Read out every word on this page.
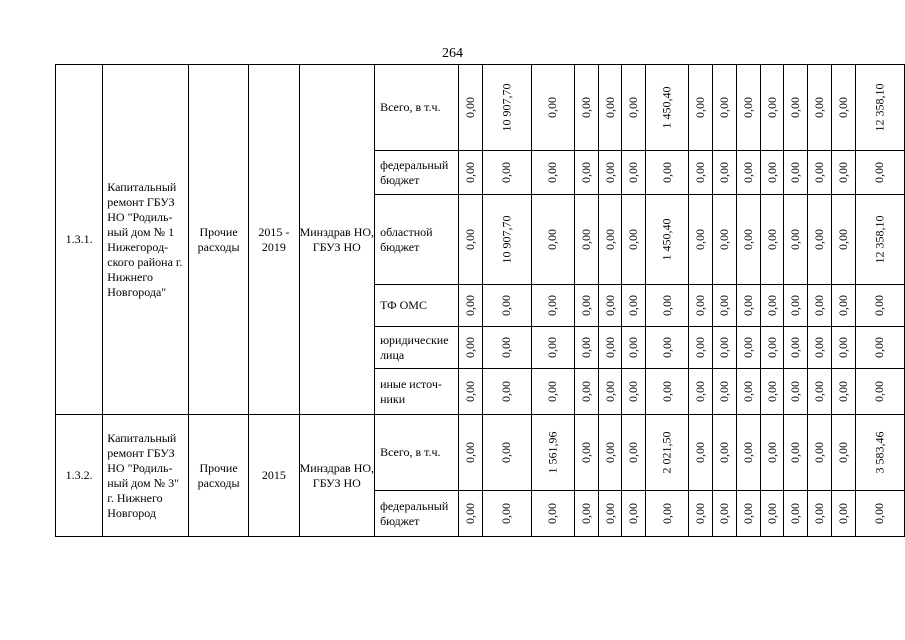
264
1.3.1.	Капитальный ремонт ГБУЗ НО "Родиль-ный дом № 1 Нижегород-ского района г. Нижнего Новгорода"	Прочие расходы	2015 - 2019	Минздрав НО, ГБУЗ НО	Всего, в т.ч.	0,00	10 907,70	0,00	0,00	0,00	0,00	1 450,40	0,00	0,00	0,00	0,00	0,00	0,00	0,00	12 358,10
					федеральный бюджет	0,00	0,00	0,00	0,00	0,00	0,00	0,00	0,00	0,00	0,00	0,00	0,00	0,00	0,00	0,00
					областной бюджет	0,00	10 907,70	0,00	0,00	0,00	0,00	1 450,40	0,00	0,00	0,00	0,00	0,00	0,00	0,00	12 358,10
					ТФ ОМС	0,00	0,00	0,00	0,00	0,00	0,00	0,00	0,00	0,00	0,00	0,00	0,00	0,00	0,00	0,00
					юридические лица	0,00	0,00	0,00	0,00	0,00	0,00	0,00	0,00	0,00	0,00	0,00	0,00	0,00	0,00	0,00
					иные источ-ники	0,00	0,00	0,00	0,00	0,00	0,00	0,00	0,00	0,00	0,00	0,00	0,00	0,00	0,00	0,00
1.3.2.	Капитальный ремонт ГБУЗ НО "Родиль-ный дом № 3" г. Нижнего Новгород	Прочие расходы	2015	Минздрав НО, ГБУЗ НО	Всего, в т.ч.	0,00	0,00	1 561,96	0,00	0,00	0,00	2 021,50	0,00	0,00	0,00	0,00	0,00	0,00	0,00	3 583,46
					федеральный бюджет	0,00	0,00	0,00	0,00	0,00	0,00	0,00	0,00	0,00	0,00	0,00	0,00	0,00	0,00	0,00
